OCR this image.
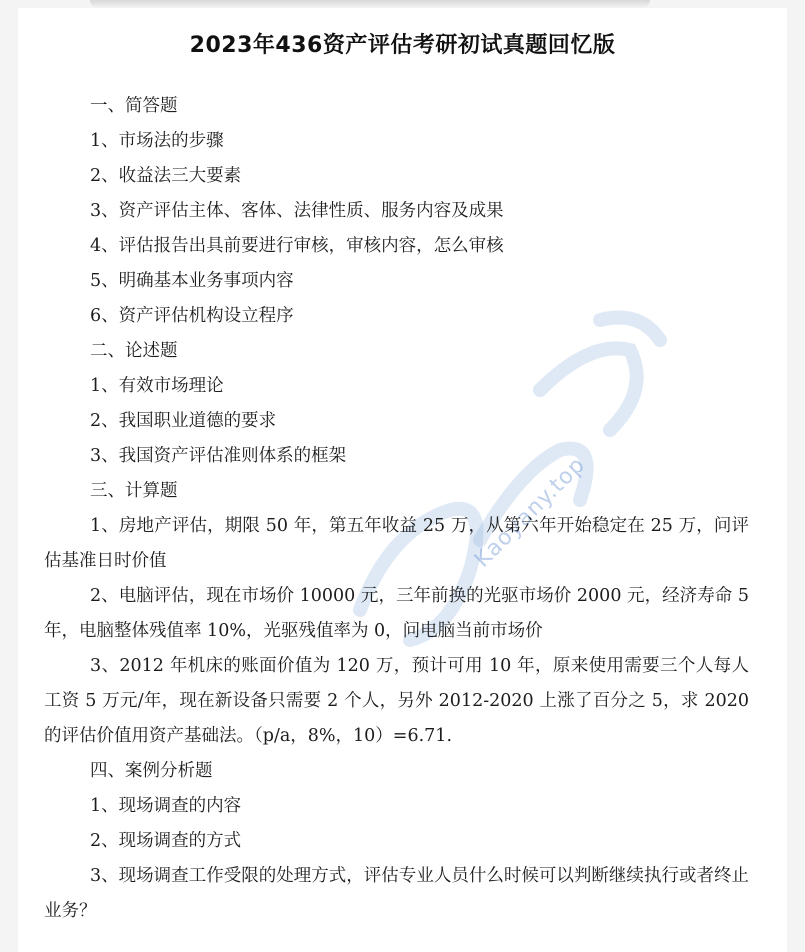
Kaoyany.top
2023年436资产评估考研初试真题回忆版
一、简答题
1、市场法的步骤
2、收益法三大要素
3、资产评估主体、客体、法律性质、服务内容及成果
4、评估报告出具前要进行审核，审核内容，怎么审核
5、明确基本业务事项内容
6、资产评估机构设立程序
二、论述题
1、有效市场理论
2、我国职业道德的要求
3、我国资产评估准则体系的框架
三、计算题
1、房地产评估，期限 50 年，第五年收益 25 万，从第六年开始稳定在 25 万，问评估基准日时价值
2、电脑评估，现在市场价 10000 元，三年前换的光驱市场价 2000 元，经济寿命 5 年，电脑整体残值率 10%，光驱残值率为 0，问电脑当前市场价
3、2012 年机床的账面价值为 120 万，预计可用 10 年，原来使用需要三个人每人工资 5 万元/年，现在新设备只需要 2 个人，另外 2012-2020 上涨了百分之 5，求 2020 的评估价值用资产基础法。（p/a，8%，10）=6.71.
四、案例分析题
1、现场调查的内容
2、现场调查的方式
3、现场调查工作受限的处理方式，评估专业人员什么时候可以判断继续执行或者终止业务？
